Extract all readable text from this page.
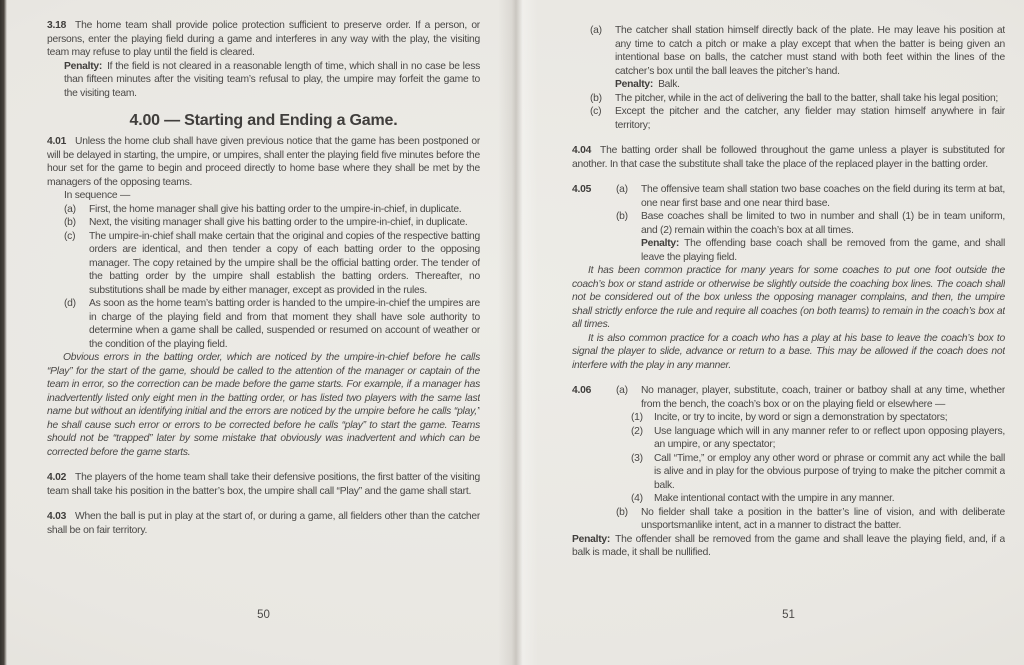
3.18 The home team shall provide police protection sufficient to preserve order. If a person, or persons, enter the playing field during a game and interferes in any way with the play, the visiting team may refuse to play until the field is cleared.

Penalty: If the field is not cleared in a reasonable length of time, which shall in no case be less than fifteen minutes after the visiting team’s refusal to play, the umpire may forfeit the game to the visiting team.

4.00 — Starting and Ending a Game.

4.01 Unless the home club shall have given previous notice that the game has been postponed or will be delayed in starting, the umpire, or umpires, shall enter the playing field five minutes before the hour set for the game to begin and proceed directly to home base where they shall be met by the managers of the opposing teams.

In sequence —

(a)	First, the home manager shall give his batting order to the umpire-in-chief, in duplicate.
(b)	Next, the visiting manager shall give his batting order to the umpire-in-chief, in duplicate.
(c)	The umpire-in-chief shall make certain that the original and copies of the respective batting orders are identical, and then tender a copy of each batting order to the opposing manager. The copy retained by the umpire shall be the official batting order. The tender of the batting order by the umpire shall establish the batting orders. Thereafter, no substitutions shall be made by either manager, except as provided in the rules.
(d)	As soon as the home team’s batting order is handed to the umpire-in-chief the umpires are in charge of the playing field and from that moment they shall have sole authority to determine when a game shall be called, suspended or resumed on account of weather or the condition of the playing field.

Obvious errors in the batting order, which are noticed by the umpire-in-chief before he calls “Play” for the start of the game, should be called to the attention of the manager or captain of the team in error, so the correction can be made before the game starts. For example, if a manager has inadvertently listed only eight men in the batting order, or has listed two players with the same last name but without an identifying initial and the errors are noticed by the umpire before he calls “play,” he shall cause such error or errors to be corrected before he calls “play” to start the game. Teams should not be “trapped” later by some mistake that obviously was inadvertent and which can be corrected before the game starts.

4.02 The players of the home team shall take their defensive positions, the first batter of the visiting team shall take his position in the batter’s box, the umpire shall call “Play” and the game shall start.

4.03 When the ball is put in play at the start of, or during a game, all fielders other than the catcher shall be on fair territory.

50
(a)	The catcher shall station himself directly back of the plate. He may leave his position at any time to catch a pitch or make a play except that when the batter is being given an intentional base on balls, the catcher must stand with both feet within the lines of the catcher’s box until the ball leaves the pitcher’s hand.

Penalty: Balk.

(b)	The pitcher, while in the act of delivering the ball to the batter, shall take his legal position;
(c)	Except the pitcher and the catcher, any fielder may station himself anywhere in fair territory;

4.04 The batting order shall be followed throughout the game unless a player is substituted for another. In that case the substitute shall take the place of the replaced player in the batting order.

4.05	(a)	The offensive team shall station two base coaches on the field during its term at bat, one near first base and one near third base.
(b)	Base coaches shall be limited to two in number and shall (1) be in team uniform, and (2) remain within the coach’s box at all times.

Penalty: The offending base coach shall be removed from the game, and shall leave the playing field.

It has been common practice for many years for some coaches to put one foot outside the coach’s box or stand astride or otherwise be slightly outside the coaching box lines. The coach shall not be considered out of the box unless the opposing manager complains, and then, the umpire shall strictly enforce the rule and require all coaches (on both teams) to remain in the coach’s box at all times.

It is also common practice for a coach who has a play at his base to leave the coach’s box to signal the player to slide, advance or return to a base. This may be allowed if the coach does not interfere with the play in any manner.

4.06	(a)	No manager, player, substitute, coach, trainer or batboy shall at any time, whether from the bench, the coach’s box or on the playing field or elsewhere —
(1)	Incite, or try to incite, by word or sign a demonstration by spectators;
(2)	Use language which will in any manner refer to or reflect upon opposing players, an umpire, or any spectator;
(3)	Call “Time,” or employ any other word or phrase or commit any act while the ball is alive and in play for the obvious purpose of trying to make the pitcher commit a balk.
(4)	Make intentional contact with the umpire in any manner.
(b)	No fielder shall take a position in the batter’s line of vision, and with deliberate unsportsmanlike intent, act in a manner to distract the batter.

Penalty: The offender shall be removed from the game and shall leave the playing field, and, if a balk is made, it shall be nullified.

51
